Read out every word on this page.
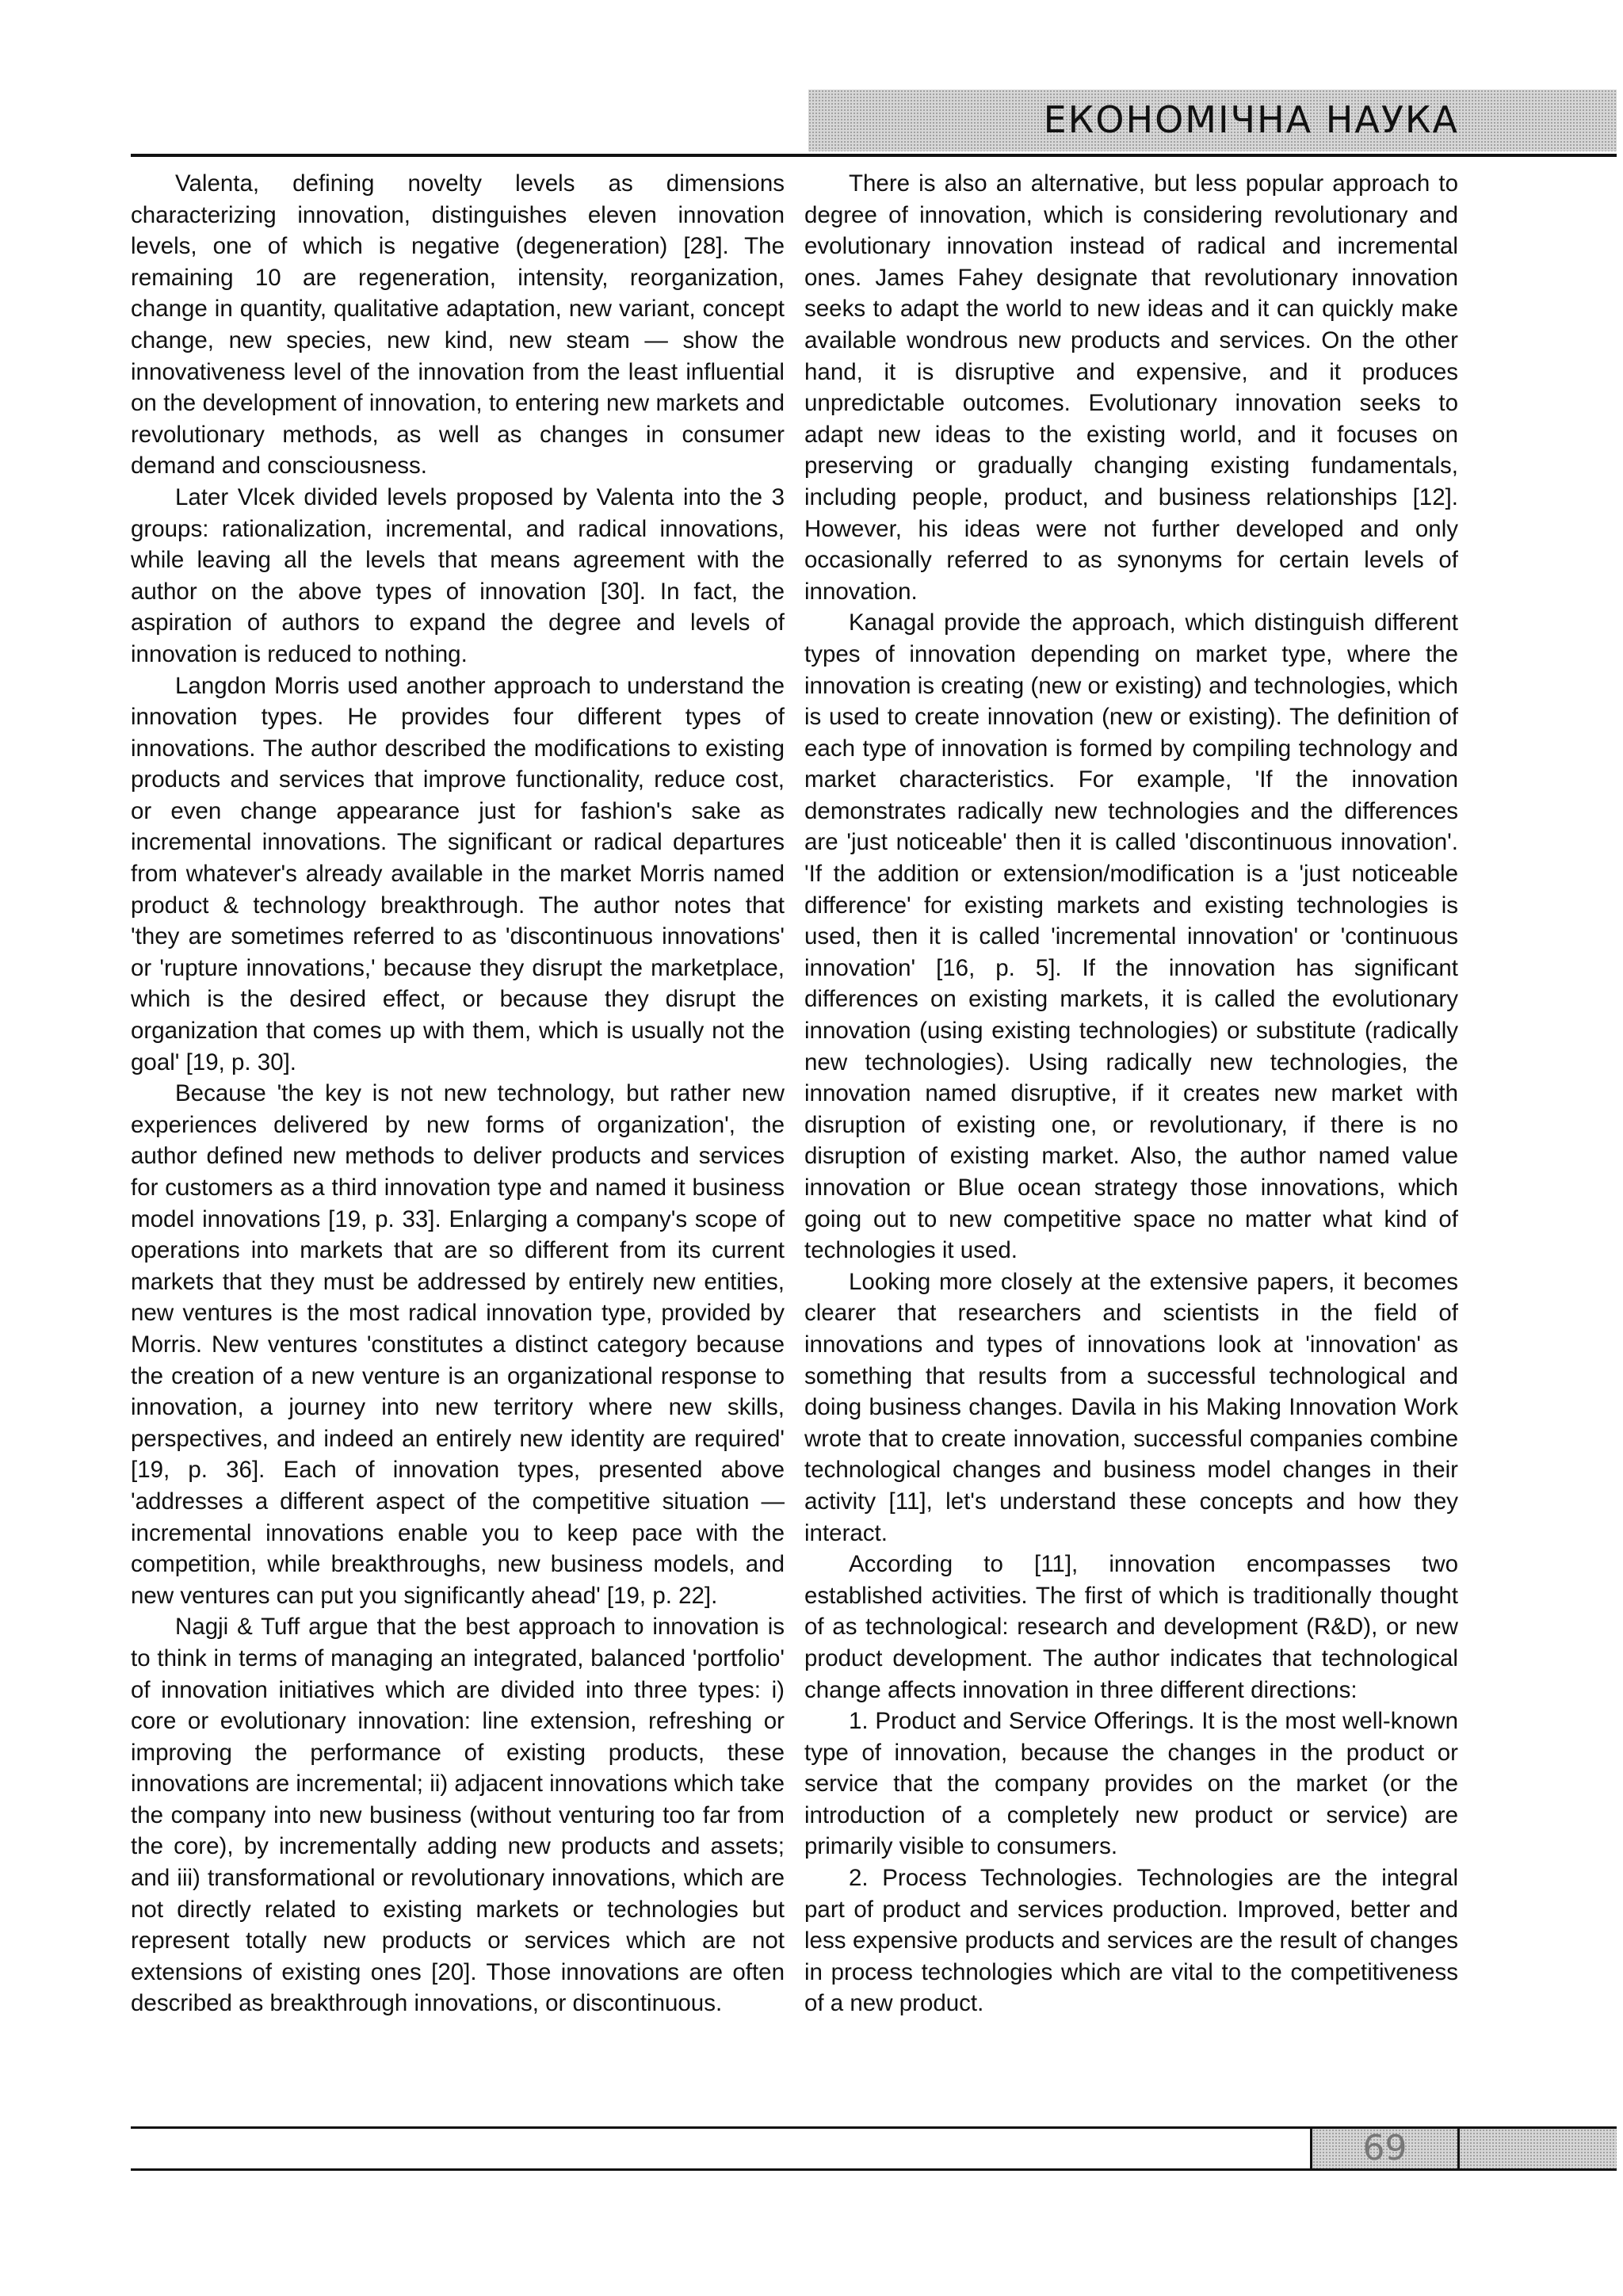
ЕКОНОМІЧНА НАУКА

Valenta, defining novelty levels as dimensions characterizing innovation, distinguishes eleven innovation levels, one of which is negative (degeneration) [28]. The remaining 10 are regeneration, intensity, reorganization, change in quantity, qualitative adaptation, new variant, concept change, new species, new kind, new steam — show the innovativeness level of the innovation from the least influential on the development of innovation, to entering new markets and revolutionary methods, as well as changes in consumer demand and consciousness.

Later Vlcek divided levels proposed by Valenta into the 3 groups: rationalization, incremental, and radical innovations, while leaving all the levels that means agreement with the author on the above types of innovation [30]. In fact, the aspiration of authors to expand the degree and levels of innovation is reduced to nothing.

Langdon Morris used another approach to understand the innovation types. He provides four different types of innovations. The author described the modifications to existing products and services that improve functionality, reduce cost, or even change appearance just for fashion's sake as incremental innovations. The significant or radical departures from whatever's already available in the market Morris named product & technology breakthrough. The author notes that 'they are sometimes referred to as 'discontinuous innovations' or 'rupture innovations,' because they disrupt the marketplace, which is the desired effect, or because they disrupt the organization that comes up with them, which is usually not the goal' [19, p. 30].

Because 'the key is not new technology, but rather new experiences delivered by new forms of organization', the author defined new methods to deliver products and services for customers as a third innovation type and named it business model innovations [19, p. 33]. Enlarging a company's scope of operations into markets that are so different from its current markets that they must be addressed by entirely new entities, new ventures is the most radical innovation type, provided by Morris. New ventures 'constitutes a distinct category because the creation of a new venture is an organizational response to innovation, a journey into new territory where new skills, perspectives, and indeed an entirely new identity are required' [19, p. 36]. Each of innovation types, presented above 'addresses a different aspect of the competitive situation — incremental innovations enable you to keep pace with the competition, while breakthroughs, new business models, and new ventures can put you significantly ahead' [19, p. 22].

Nagji & Tuff argue that the best approach to innovation is to think in terms of managing an integrated, balanced 'portfolio' of innovation initiatives which are divided into three types: i) core or evolutionary innovation: line extension, refreshing or improving the performance of existing products, these innovations are incremental; ii) adjacent innovations which take the company into new business (without venturing too far from the core), by incrementally adding new products and assets; and iii) transformational or revolutionary innovations, which are not directly related to existing markets or technologies but represent totally new products or services which are not extensions of existing ones [20]. Those innovations are often described as breakthrough innovations, or discontinuous.

There is also an alternative, but less popular approach to degree of innovation, which is considering revolutionary and evolutionary innovation instead of radical and incremental ones. James Fahey designate that revolutionary innovation seeks to adapt the world to new ideas and it can quickly make available wondrous new products and services. On the other hand, it is disruptive and expensive, and it produces unpredictable outcomes. Evolutionary innovation seeks to adapt new ideas to the existing world, and it focuses on preserving or gradually changing existing fundamentals, including people, product, and business relationships [12]. However, his ideas were not further developed and only occasionally referred to as synonyms for certain levels of innovation.

Kanagal provide the approach, which distinguish different types of innovation depending on market type, where the innovation is creating (new or existing) and technologies, which is used to create innovation (new or existing). The definition of each type of innovation is formed by compiling technology and market characteristics. For example, 'If the innovation demonstrates radically new technologies and the differences are 'just noticeable' then it is called 'discontinuous innovation'. 'If the addition or extension/modification is a 'just noticeable difference' for existing markets and existing technologies is used, then it is called 'incremental innovation' or 'continuous innovation' [16, p. 5]. If the innovation has significant differences on existing markets, it is called the evolutionary innovation (using existing technologies) or substitute (radically new technologies). Using radically new technologies, the innovation named disruptive, if it creates new market with disruption of existing one, or revolutionary, if there is no disruption of existing market. Also, the author named value innovation or Blue ocean strategy those innovations, which going out to new competitive space no matter what kind of technologies it used.

Looking more closely at the extensive papers, it becomes clearer that researchers and scientists in the field of innovations and types of innovations look at 'innovation' as something that results from a successful technological and doing business changes. Davila in his Making Innovation Work wrote that to create innovation, successful companies combine technological changes and business model changes in their activity [11], let's understand these concepts and how they interact.

According to [11], innovation encompasses two established activities. The first of which is traditionally thought of as technological: research and development (R&D), or new product development. The author indicates that technological change affects innovation in three different directions:

1. Product and Service Offerings. It is the most well-known type of innovation, because the changes in the product or service that the company provides on the market (or the introduction of a completely new product or service) are primarily visible to consumers.

2. Process Technologies. Technologies are the integral part of product and services production. Improved, better and less expensive products and services are the result of changes in process technologies which are vital to the competitiveness of a new product.

69
